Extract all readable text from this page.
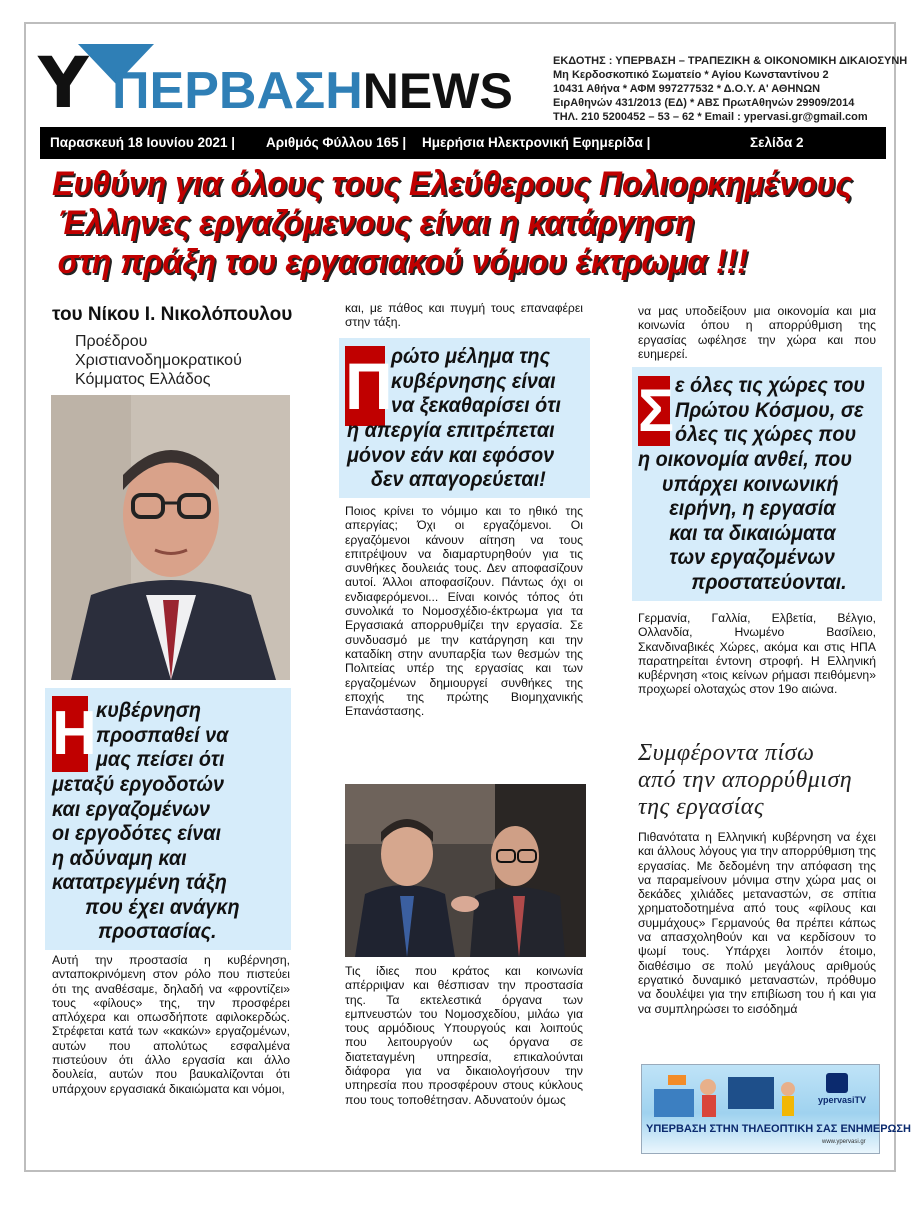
Υ ΠΕΡΒΑΣΗNEWS
ΕΚΔΟΤΗΣ : ΥΠΕΡΒΑΣΗ – ΤΡΑΠΕΖΙΚΗ & ΟΙΚΟΝΟΜΙΚΗ ΔΙΚΑΙΟΣΥΝΗ
Μη Κερδοσκοπικό Σωματείο * Αγίου Κωνσταντίνου 2
10431 Αθήνα * ΑΦΜ 997277532 * Δ.Ο.Υ. Α' ΑΘΗΝΩΝ
ΕιρΑθηνών 431/2013 (ΕΔ) * ΑΒΣ ΠρωτΑθηνών 29909/2014
ΤΗΛ. 210 5200452 – 53 – 62 * Email : ypervasi.gr@gmail.com
Παρασκευή 18 Ιουνίου 2021 | Αριθμός Φύλλου 165 | Ημερήσια Ηλεκτρονική Εφημερίδα |	Σελίδα 2
Ευθύνη για όλους τους Ελεύθερους Πολιορκημένους
Έλληνες εργαζόμενους είναι η κατάργηση
στη πράξη του εργασιακού νόμου έκτρωμα !!!
του Νίκου Ι. Νικολόπουλου
Προέδρου
Χριστιανοδημοκρατικού
Κόμματος Ελλάδος
Η κυβέρνηση
προσπαθεί να
μας πείσει ότι
μεταξύ εργοδοτών
και εργαζομένων
οι εργοδότες είναι
η αδύναμη και
κατατρεγμένη τάξη
που έχει ανάγκη
προστασίας.
Αυτή την προστασία η κυβέρνηση, ανταποκρινόμενη στον ρόλο που πιστεύει ότι της αναθέσαμε, δηλαδή να «φροντίζει» τους «φίλους» της, την προσφέρει απλόχερα και οπωσδήποτε αφιλοκερδώς. Στρέφεται κατά των «κακών» εργαζομένων, αυτών που απολύτως εσφαλμένα πιστεύουν ότι άλλο εργασία και άλλο δουλεία, αυτών που βαυκαλίζονται ότι υπάρχουν εργασιακά δικαιώματα και νόμοι,
και, με πάθος και πυγμή τους επαναφέρει στην τάξη.
Π
ρώτο μέλημα της
κυβέρνησης είναι
να ξεκαθαρίσει ότι
η απεργία επιτρέπεται
μόνον εάν και εφόσον
δεν απαγορεύεται!
Ποιος κρίνει το νόμιμο και το ηθικό της απεργίας; Όχι οι εργαζόμενοι. Οι εργαζόμενοι κάνουν αίτηση να τους επιτρέψουν να διαμαρτυρηθούν για τις συνθήκες δουλειάς τους. Δεν αποφασίζουν αυτοί. Άλλοι αποφασίζουν. Πάντως όχι οι ενδιαφερόμενοι... Είναι κοινός τόπος ότι συνολικά το Νομοσχέδιο-έκτρωμα για τα Εργασιακά απορρυθμίζει την εργασία. Σε συνδυασμό με την κατάργηση και την καταδίκη στην ανυπαρξία των θεσμών της Πολιτείας υπέρ της εργασίας και των εργαζομένων δημιουργεί συνθήκες της εποχής της πρώτης Βιομηχανικής Επανάστασης.
Τις ίδιες που κράτος και κοινωνία απέρριψαν και θέσπισαν την προστασία της. Τα εκτελεστικά όργανα των εμπνευστών του Νομοσχεδίου, μιλάω για τους αρμόδιους Υπουργούς και λοιπούς που λειτουργούν ως όργανα σε διατεταγμένη υπηρεσία, επικαλούνται διάφορα για να δικαιολογήσουν την υπηρεσία που προσφέρουν στους κύκλους που τους τοποθέτησαν. Αδυνατούν όμως
να μας υποδείξουν μια οικονομία και μια κοινωνία όπου η απορρύθμιση της εργασίας ωφέλησε την χώρα και που ευημερεί.
Σ ε όλες τις χώρες του
Πρώτου Κόσμου, σε
όλες τις χώρες που
η οικονομία ανθεί, που
υπάρχει κοινωνική
ειρήνη, η εργασία
και τα δικαιώματα
των εργαζομένων
προστατεύονται.
Γερμανία, Γαλλία, Ελβετία, Βέλγιο, Ολλανδία, Ηνωμένο Βασίλειο, Σκανδιναβικές Χώρες, ακόμα και στις ΗΠΑ παρατηρείται έντονη στροφή. Η Ελληνική κυβέρνηση «τοις κείνων ρήμασι πειθόμενη» προχωρεί ολοταχώς στον 19ο αιώνα.
Συμφέροντα πίσω
από την απορρύθμιση
της εργασίας
Πιθανότατα η Ελληνική κυβέρνηση να έχει και άλλους λόγους για την απορρύθμιση της εργασίας. Με δεδομένη την απόφαση της να παραμείνουν μόνιμα στην χώρα μας οι δεκάδες χιλιάδες μεταναστών, σε σπίτια χρηματοδοτημένα από τους «φίλους και συμμάχους» Γερμανούς θα πρέπει κάπως να απασχοληθούν και να κερδίσουν το ψωμί τους. Υπάρχει λοιπόν έτοιμο, διαθέσιμο σε πολύ μεγάλους αριθμούς εργατικό δυναμικό μεταναστών, πρόθυμο να δουλέψει για την επιβίωση του ή και για να συμπληρώσει το εισόδημά
ypervasiTV
ΥΠΕΡΒΑΣΗ ΣΤΗΝ ΤΗΛΕΟΠΤΙΚΗ ΣΑΣ ΕΝΗΜΕΡΩΣΗ
www.ypervasi.gr
